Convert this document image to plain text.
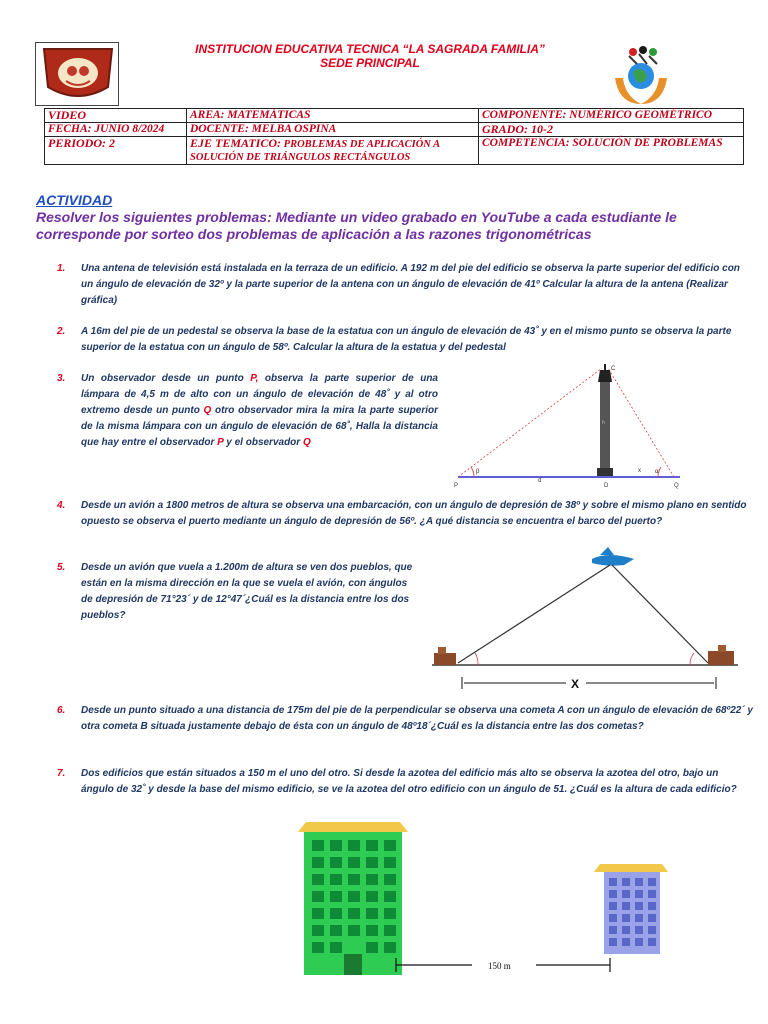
INSTITUCION EDUCATIVA TECNICA “LA SAGRADA FAMILIA”
SEDE PRINCIPAL
VIDEO	AREA: MATEMÁTICAS	COMPONENTE: NUMÉRICO GEOMÉTRICO
FECHA: JUNIO 8/2024	DOCENTE: MELBA OSPINA	GRADO: 10-2
PERIODO: 2	EJE TEMATICO: PROBLEMAS DE APLICACIÓN A SOLUCIÓN DE TRIÁNGULOS RECTÁNGULOS	COMPETENCIA: SOLUCIÓN DE PROBLEMAS
ACTIVIDAD
Resolver los siguientes problemas: Mediante un video grabado en YouTube a cada estudiante le corresponde por sorteo dos problemas de aplicación a las razones trigonométricas
1. Una antena de televisión está instalada en la terraza de un edificio. A 192 m del pie del edificio se observa la parte superior del edificio con un ángulo de elevación de 32º y la parte superior de la antena con un ángulo de elevación de 41º Calcular la altura de la antena (Realizar gráfica)
2. A 16m del pie de un pedestal se observa la base de la estatua con un ángulo de elevación de 43˚ y en el mismo punto se observa la parte superior de la estatua con un ángulo de 58º. Calcular la altura de la estatua y del pedestal
3. Un observador desde un punto P, observa la parte superior de una lámpara de 4,5 m de alto con un ángulo de elevación de 48˚ y al otro extremo desde un punto Q otro observador mira la mira la parte superior de la misma lámpara con un ángulo de elevación de 68˚, Halla la distancia que hay entre el observador P y el observador Q
P
d
D
x
Q
C
h
β	α
4. Desde un avión a 1800 metros de altura se observa una embarcación, con un ángulo de depresión de 38º y sobre el mismo plano en sentido opuesto se observa el puerto mediante un ángulo de depresión de 56º. ¿A qué distancia se encuentra el barco del puerto?
5. Desde un avión que vuela a 1.200m de altura se ven dos pueblos, que están en la misma dirección en la que se vuela el avión, con ángulos de depresión de 71°23´ y de 12°47´¿Cuál es la distancia entre los dos pueblos?
X
6. Desde un punto situado a una distancia de 175m del pie de la perpendicular se observa una cometa A con un ángulo de elevación de 68º22´ y otra cometa B situada justamente debajo de ésta con un ángulo de 48º18´¿Cuál es la distancia entre las dos cometas?
7. Dos edificios que están situados a 150 m el uno del otro. Si desde la azotea del edificio más alto se observa la azotea del otro, bajo un ángulo de 32˚ y desde la base del mismo edificio, se ve la azotea del otro edificio con un ángulo de 51. ¿Cuál es la altura de cada edificio?
150 m
